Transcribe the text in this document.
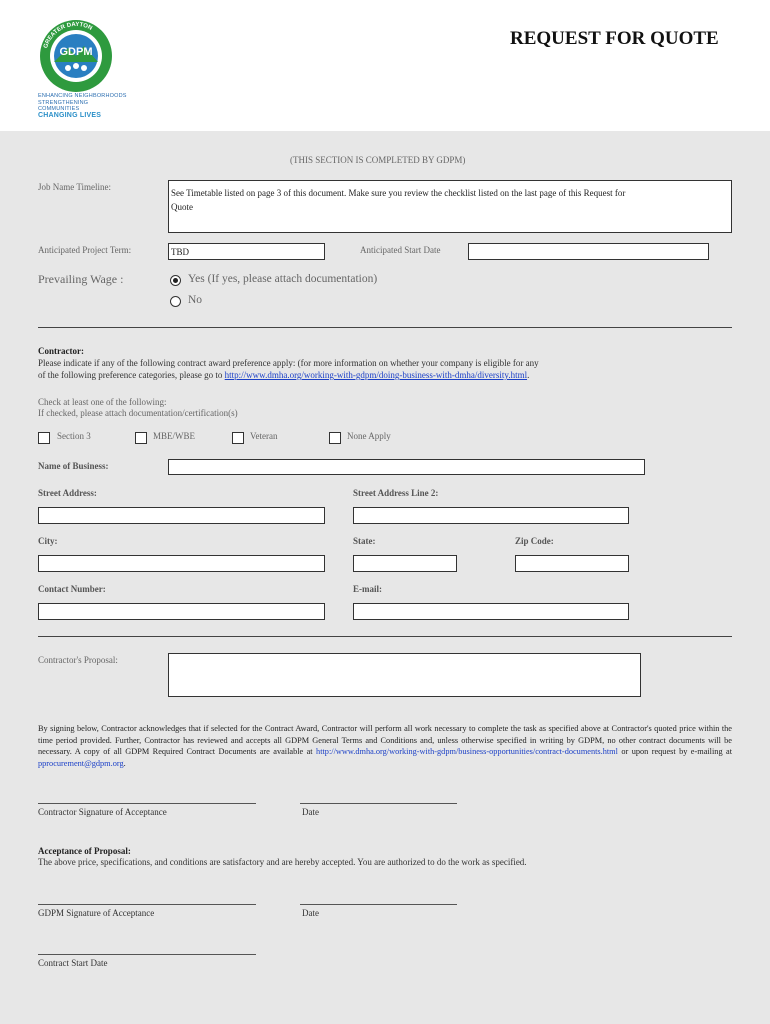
GDPM
GREATER DAYTON
ENHANCING NEIGHBORHOODS
STRENGTHENING COMMUNITIES
CHANGING LIVES
REQUEST FOR QUOTE
(THIS SECTION IS COMPLETED BY GDPM)
Job Name Timeline:
See Timetable listed on page 3 of this document. Make sure you review the checklist listed on the last page of this Request for
Quote
Anticipated Project Term:	TBD	Anticipated Start Date
Prevailing Wage :	Yes (If yes, please attach documentation)
No
Contractor:
Please indicate if any of the following contract award preference apply: (for more information on whether your company is eligible for any
of the following preference categories, please go to http://www.dmha.org/working-with-gdpm/doing-business-with-dmha/diversity.html.
Check at least one of the following:
If checked, please attach documentation/certification(s)
Section 3	MBE/WBE	Veteran	None Apply
Name of Business:
Street Address:	Street Address Line 2:
City:	State:	Zip Code:
Contact Number:	E-mail:
Contractor's Proposal:
By signing below, Contractor acknowledges that if selected for the Contract Award, Contractor will perform all work necessary to complete the task as specified above at Contractor's quoted price within the time period provided. Further, Contractor has reviewed and accepts all GDPM General Terms and Conditions and, unless otherwise specified in writing by GDPM, no other contract documents will be necessary. A copy of all GDPM Required Contract Documents are available at http://www.dmha.org/working-with-gdpm/business-opportunities/contract-documents.html or upon request by e-mailing at pprocurement@gdpm.org.
Contractor Signature of Acceptance	Date
Acceptance of Proposal:
The above price, specifications, and conditions are satisfactory and are hereby accepted. You are authorized to do the work as specified.
GDPM Signature of Acceptance	Date
Contract Start Date
